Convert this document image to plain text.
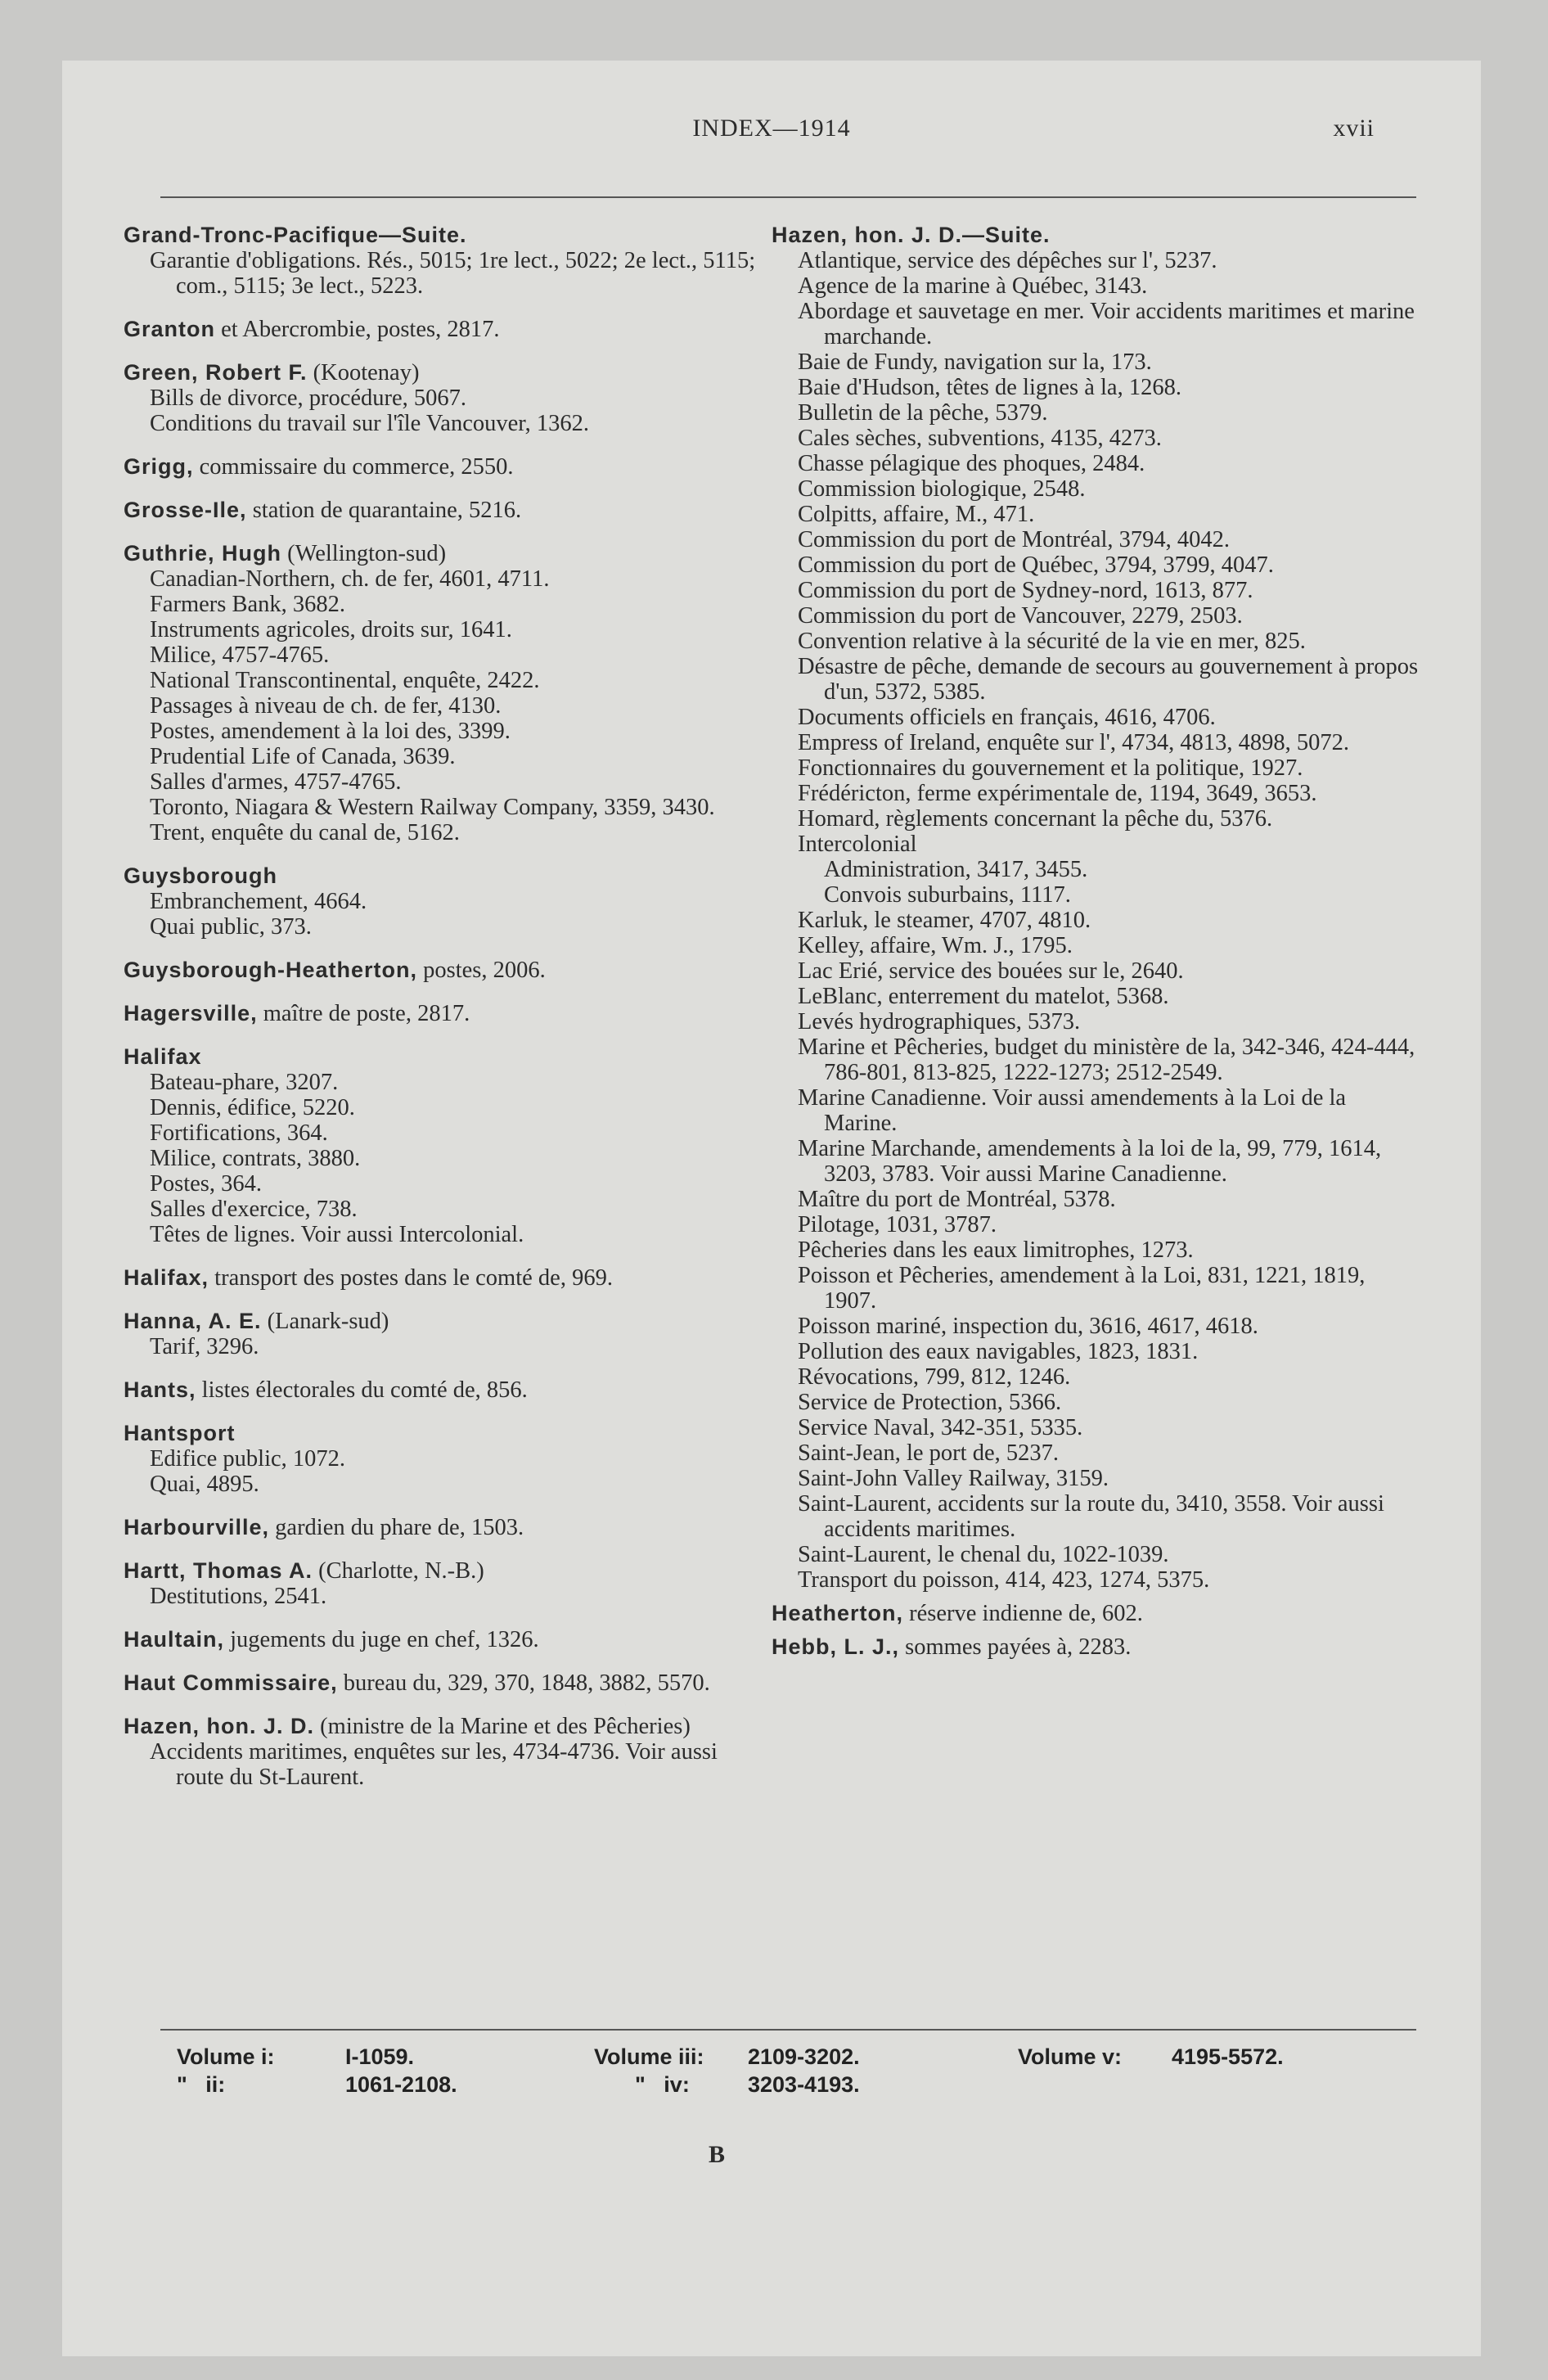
INDEX—1914	xvii
Grand-Tronc-Pacifique—Suite.
Garantie d'obligations. Rés., 5015; 1re lect., 5022; 2e lect., 5115; com., 5115; 3e lect., 5223.
Granton et Abercrombie, postes, 2817.
Green, Robert F. (Kootenay)
Bills de divorce, procédure, 5067.
Conditions du travail sur l'île Vancouver, 1362.
Grigg, commissaire du commerce, 2550.
Grosse-Ile, station de quarantaine, 5216.
Guthrie, Hugh (Wellington-sud)
Canadian-Northern, ch. de fer, 4601, 4711.
Farmers Bank, 3682.
Instruments agricoles, droits sur, 1641.
Milice, 4757-4765.
National Transcontinental, enquête, 2422.
Passages à niveau de ch. de fer, 4130.
Postes, amendement à la loi des, 3399.
Prudential Life of Canada, 3639.
Salles d'armes, 4757-4765.
Toronto, Niagara & Western Railway Company, 3359, 3430.
Trent, enquête du canal de, 5162.
Guysborough
Embranchement, 4664.
Quai public, 373.
Guysborough-Heatherton, postes, 2006.
Hagersville, maître de poste, 2817.
Halifax
Bateau-phare, 3207.
Dennis, édifice, 5220.
Fortifications, 364.
Milice, contrats, 3880.
Postes, 364.
Salles d'exercice, 738.
Têtes de lignes. Voir aussi Intercolonial.
Halifax, transport des postes dans le comté de, 969.
Hanna, A. E. (Lanark-sud)
Tarif, 3296.
Hants, listes électorales du comté de, 856.
Hantsport
Edifice public, 1072.
Quai, 4895.
Harbourville, gardien du phare de, 1503.
Hartt, Thomas A. (Charlotte, N.-B.)
Destitutions, 2541.
Haultain, jugements du juge en chef, 1326.
Haut Commissaire, bureau du, 329, 370, 1848, 3882, 5570.
Hazen, hon. J. D. (ministre de la Marine et des Pêcheries)
Accidents maritimes, enquêtes sur les, 4734-4736. Voir aussi route du St-Laurent.
Hazen, hon. J. D.—Suite.
Atlantique, service des dépêches sur l', 5237.
Agence de la marine à Québec, 3143.
Abordage et sauvetage en mer. Voir accidents maritimes et marine marchande.
Baie de Fundy, navigation sur la, 173.
Baie d'Hudson, têtes de lignes à la, 1268.
Bulletin de la pêche, 5379.
Cales sèches, subventions, 4135, 4273.
Chasse pélagique des phoques, 2484.
Commission biologique, 2548.
Colpitts, affaire, M., 471.
Commission du port de Montréal, 3794, 4042.
Commission du port de Québec, 3794, 3799, 4047.
Commission du port de Sydney-nord, 1613, 877.
Commission du port de Vancouver, 2279, 2503.
Convention relative à la sécurité de la vie en mer, 825.
Désastre de pêche, demande de secours au gouvernement à propos d'un, 5372, 5385.
Documents officiels en français, 4616, 4706.
Empress of Ireland, enquête sur l', 4734, 4813, 4898, 5072.
Fonctionnaires du gouvernement et la politique, 1927.
Frédéricton, ferme expérimentale de, 1194, 3649, 3653.
Homard, règlements concernant la pêche du, 5376.
Intercolonial
Administration, 3417, 3455.
Convois suburbains, 1117.
Karluk, le steamer, 4707, 4810.
Kelley, affaire, Wm. J., 1795.
Lac Erié, service des bouées sur le, 2640.
LeBlanc, enterrement du matelot, 5368.
Levés hydrographiques, 5373.
Marine et Pêcheries, budget du ministère de la, 342-346, 424-444, 786-801, 813-825, 1222-1273; 2512-2549.
Marine Canadienne. Voir aussi amendements à la Loi de la Marine.
Marine Marchande, amendements à la loi de la, 99, 779, 1614, 3203, 3783. Voir aussi Marine Canadienne.
Maître du port de Montréal, 5378.
Pilotage, 1031, 3787.
Pêcheries dans les eaux limitrophes, 1273.
Poisson et Pêcheries, amendement à la Loi, 831, 1221, 1819, 1907.
Poisson mariné, inspection du, 3616, 4617, 4618.
Pollution des eaux navigables, 1823, 1831.
Révocations, 799, 812, 1246.
Service de Protection, 5366.
Service Naval, 342-351, 5335.
Saint-Jean, le port de, 5237.
Saint-John Valley Railway, 3159.
Saint-Laurent, accidents sur la route du, 3410, 3558. Voir aussi accidents maritimes.
Saint-Laurent, le chenal du, 1022-1039.
Transport du poisson, 414, 423, 1274, 5375.
Heatherton, réserve indienne de, 602.
Hebb, L. J., sommes payées à, 2283.
Volume i:	I-1059.
"   ii:	1061-2108.
Volume iii: 2109-3202.
"   iv:	3203-4193.
Volume v: 4195-5572.
B
